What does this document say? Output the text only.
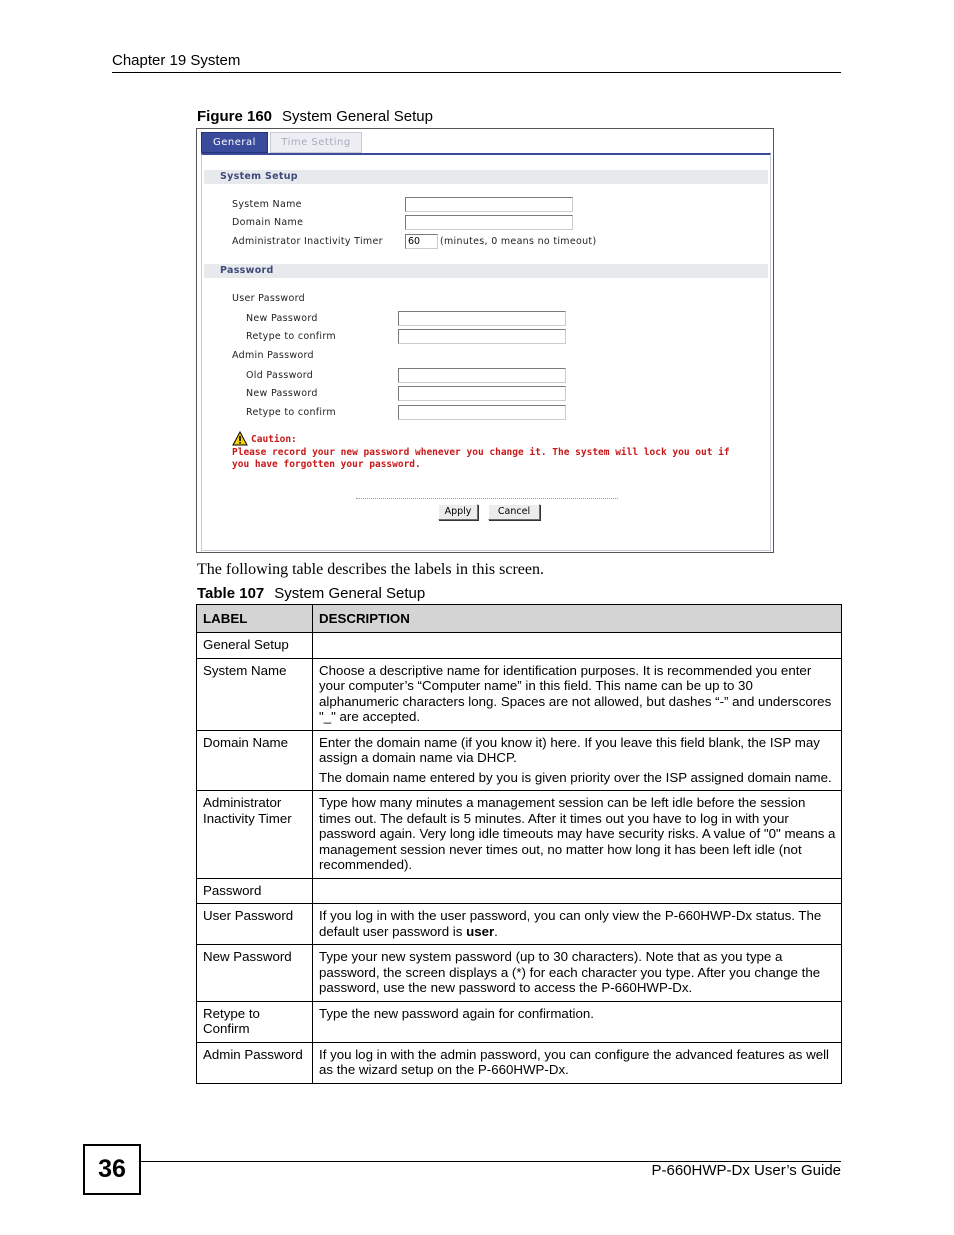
Chapter 19 System
Figure 160 System General Setup
General	Time Setting
System Setup
System Name
Domain Name
Administrator Inactivity Timer	60	(minutes, 0 means no timeout)
Password
User Password
New Password
Retype to confirm
Admin Password
Old Password
New Password
Retype to confirm
Caution:
Please record your new password whenever you change it. The system will lock you out if
you have forgotten your password.
Apply	Cancel
The following table describes the labels in this screen.
Table 107 System General Setup
LABEL	DESCRIPTION
General Setup	
System Name	Choose a descriptive name for identification purposes. It is recommended you enter your computer’s “Computer name” in this field. This name can be up to 30 alphanumeric characters long. Spaces are not allowed, but dashes “-” and underscores "_" are accepted.
Domain Name	Enter the domain name (if you know it) here. If you leave this field blank, the ISP may assign a domain name via DHCP.
The domain name entered by you is given priority over the ISP assigned domain name.

Administrator Inactivity Timer	Type how many minutes a management session can be left idle before the session times out. The default is 5 minutes. After it times out you have to log in with your password again. Very long idle timeouts may have security risks. A value of "0" means a management session never times out, no matter how long it has been left idle (not recommended).
Password	
User Password	If you log in with the user password, you can only view the P-660HWP-Dx status. The default user password is user.
New Password	Type your new system password (up to 30 characters). Note that as you type a password, the screen displays a (*) for each character you type. After you change the password, use the new password to access the P-660HWP-Dx.
Retype to Confirm	Type the new password again for confirmation.
Admin Password	If you log in with the admin password, you can configure the advanced features as well as the wizard setup on the P-660HWP-Dx.
36	P-660HWP-Dx User’s Guide
